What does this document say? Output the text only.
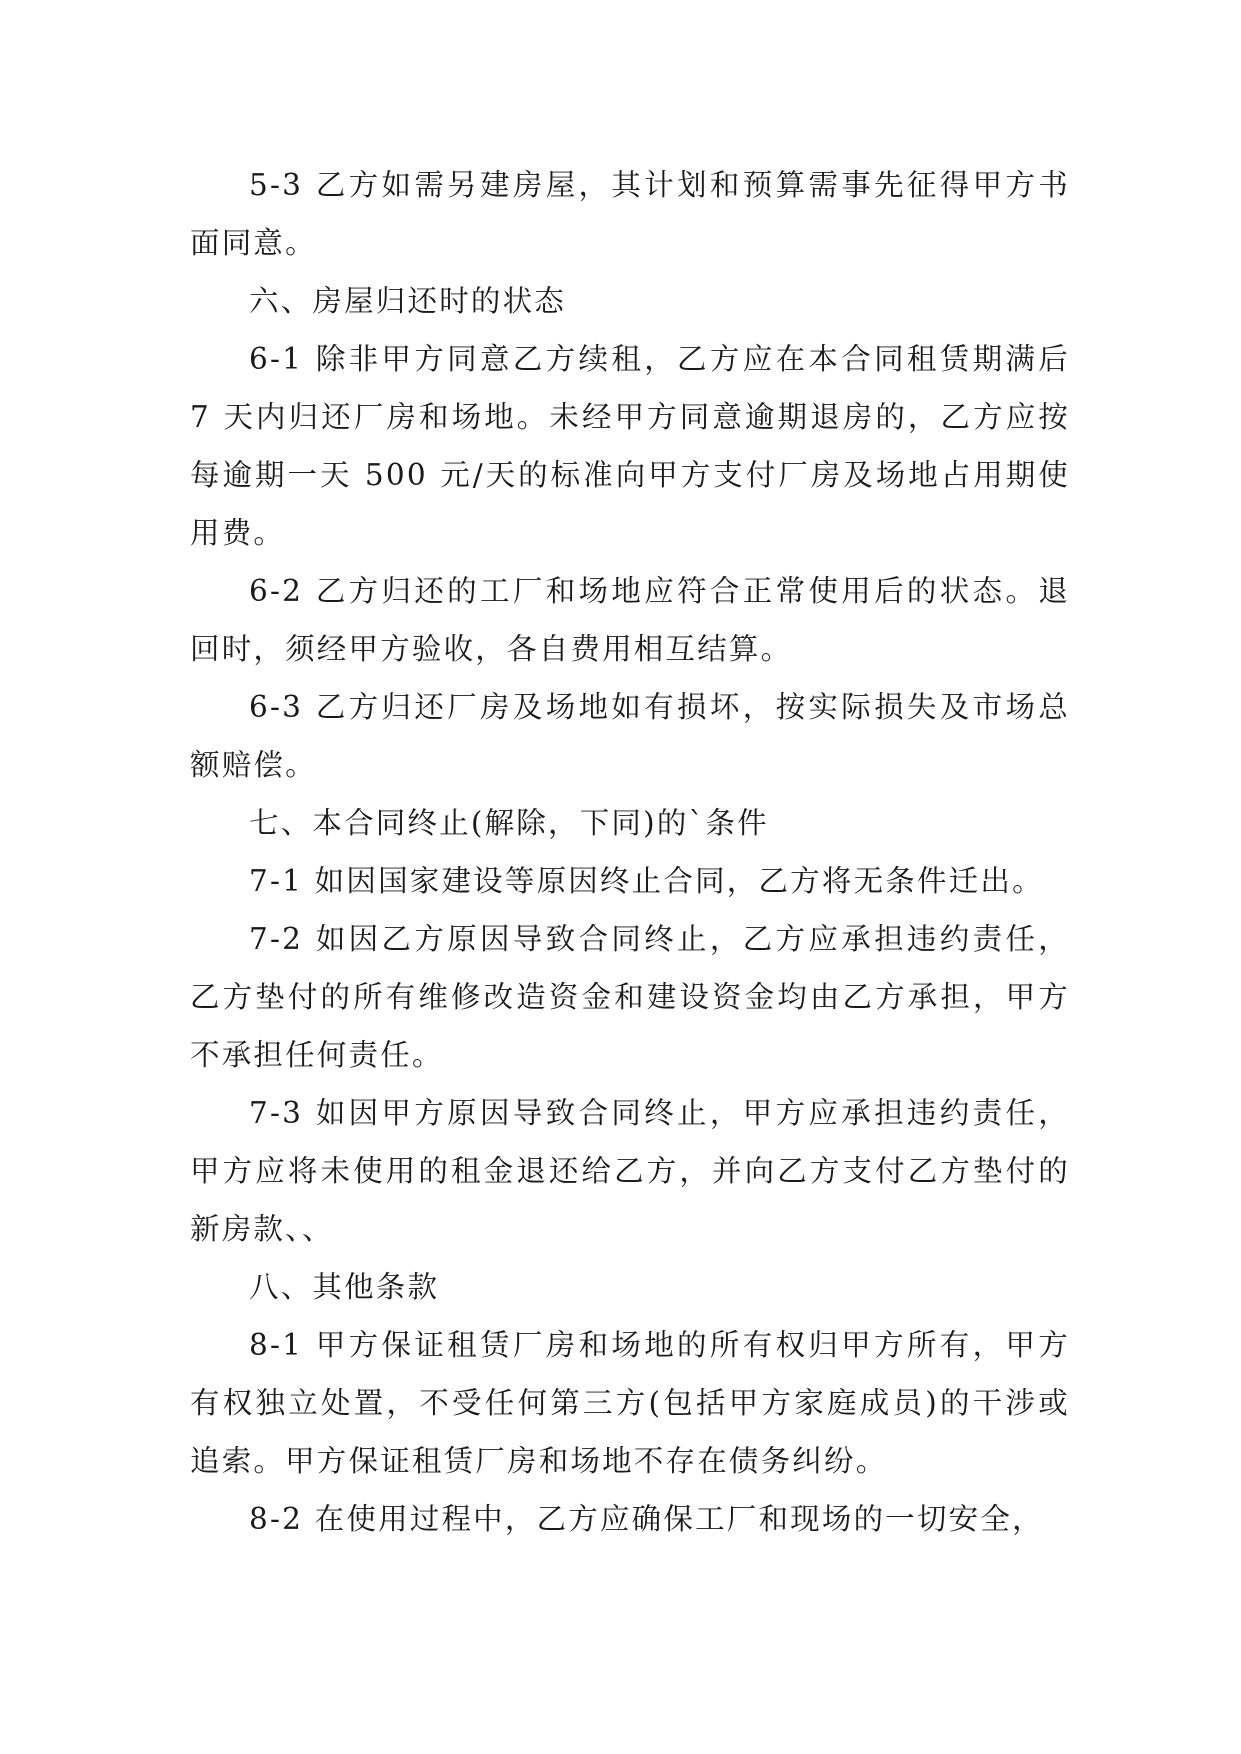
5-3 乙方如需另建房屋，其计划和预算需事先征得甲方书面同意。

六、房屋归还时的状态

6-1 除非甲方同意乙方续租，乙方应在本合同租赁期满后 7 天内归还厂房和场地。未经甲方同意逾期退房的，乙方应按每逾期一天 500 元/天的标准向甲方支付厂房及场地占用期使用费。

6-2 乙方归还的工厂和场地应符合正常使用后的状态。退回时，须经甲方验收，各自费用相互结算。

6-3 乙方归还厂房及场地如有损坏，按实际损失及市场总额赔偿。

七、本合同终止(解除，下同)的`条件

7-1 如因国家建设等原因终止合同，乙方将无条件迁出。

7-2 如因乙方原因导致合同终止，乙方应承担违约责任，乙方垫付的所有维修改造资金和建设资金均由乙方承担，甲方不承担任何责任。

7-3 如因甲方原因导致合同终止，甲方应承担违约责任，甲方应将未使用的租金退还给乙方，并向乙方支付乙方垫付的新房款、、

八、其他条款

8-1 甲方保证租赁厂房和场地的所有权归甲方所有，甲方有权独立处置，不受任何第三方(包括甲方家庭成员)的干涉或追索。甲方保证租赁厂房和场地不存在债务纠纷。

8-2 在使用过程中，乙方应确保工厂和现场的一切安全，
